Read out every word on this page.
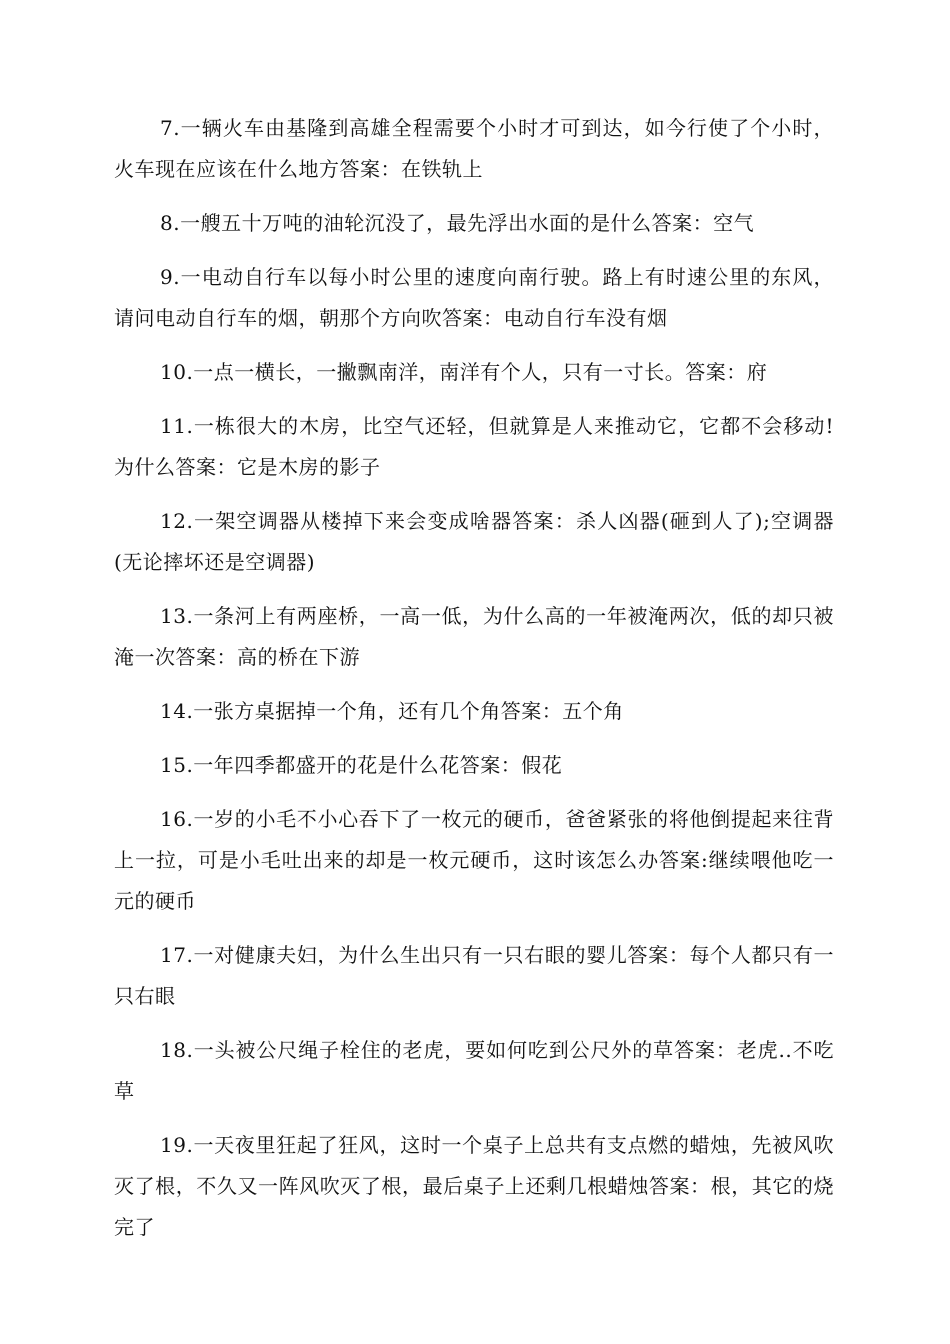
7.一辆火车由基隆到高雄全程需要个小时才可到达，如今行使了个小时，火车现在应该在什么地方答案：在铁轨上

8.一艘五十万吨的油轮沉没了，最先浮出水面的是什么答案：空气

9.一电动自行车以每小时公里的速度向南行驶。路上有时速公里的东风，请问电动自行车的烟，朝那个方向吹答案：电动自行车没有烟

10.一点一横长，一撇飘南洋，南洋有个人，只有一寸长。答案：府

11.一栋很大的木房，比空气还轻，但就算是人来推动它，它都不会移动!为什么答案：它是木房的影子

12.一架空调器从楼掉下来会变成啥器答案：杀人凶器(砸到人了);空调器(无论摔坏还是空调器)

13.一条河上有两座桥，一高一低，为什么高的一年被淹两次，低的却只被淹一次答案：高的桥在下游

14.一张方桌据掉一个角，还有几个角答案：五个角

15.一年四季都盛开的花是什么花答案：假花

16.一岁的小毛不小心吞下了一枚元的硬币，爸爸紧张的将他倒提起来往背上一拉，可是小毛吐出来的却是一枚元硬币，这时该怎么办答案:继续喂他吃一元的硬币

17.一对健康夫妇，为什么生出只有一只右眼的婴儿答案：每个人都只有一只右眼

18.一头被公尺绳子栓住的老虎，要如何吃到公尺外的草答案：老虎..不吃草

19.一天夜里狂起了狂风，这时一个桌子上总共有支点燃的蜡烛，先被风吹灭了根，不久又一阵风吹灭了根，最后桌子上还剩几根蜡烛答案：根，其它的烧完了
